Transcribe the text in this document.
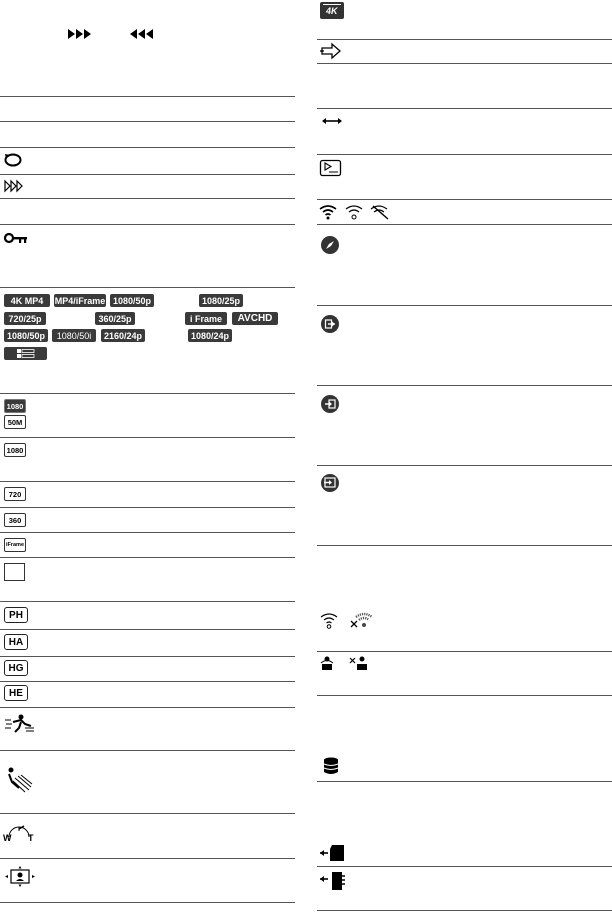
4K MP4	MP4/iFrame 1080/50p	1080/25p
720/25p	360/25p	i Frame	AVCHD
1080/50p	1080/50i	2160/24p	1080/24p
1080
50M
1080
720
360
iFrame
PH
HA
HG
HE
W T
4K
